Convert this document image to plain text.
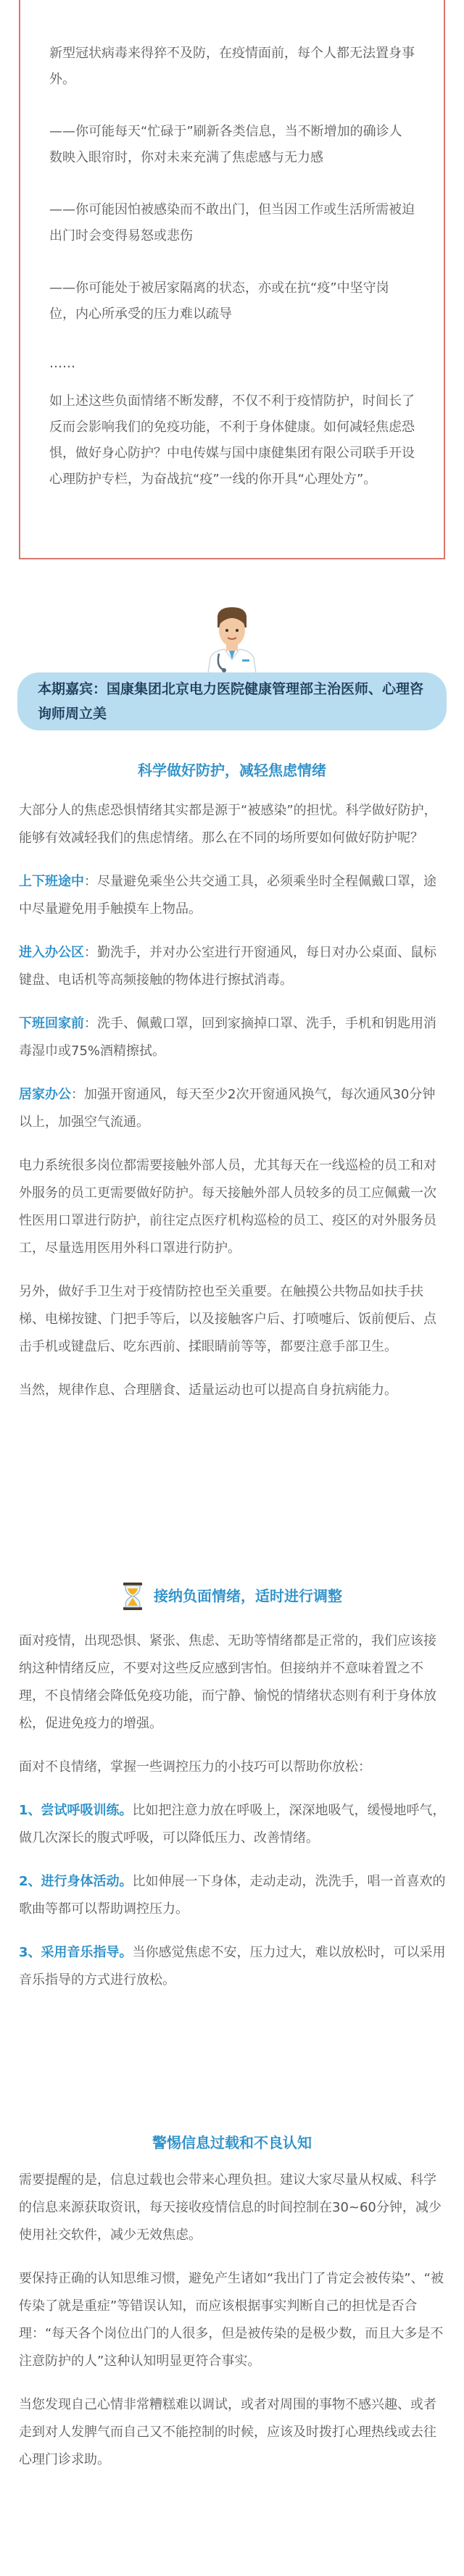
新型冠状病毒来得猝不及防，在疫情面前，每个人都无法置身事外。

——你可能每天“忙碌于”刷新各类信息，当不断增加的确诊人数映入眼帘时，你对未来充满了焦虑感与无力感

——你可能因怕被感染而不敢出门，但当因工作或生活所需被迫出门时会变得易怒或悲伤

——你可能处于被居家隔离的状态，亦或在抗“疫”中坚守岗位，内心所承受的压力难以疏导

……

如上述这些负面情绪不断发酵，不仅不利于疫情防护，时间长了反而会影响我们的免疫功能，不利于身体健康。如何减轻焦虑恐惧，做好身心防护？中电传媒与国中康健集团有限公司联手开设心理防护专栏，为奋战抗“疫”一线的你开具“心理处方”。

本期嘉宾：国康集团北京电力医院健康管理部主治医师、心理咨询师周立美
科学做好防护，减轻焦虑情绪

大部分人的焦虑恐惧情绪其实都是源于“被感染”的担忧。科学做好防护，能够有效减轻我们的焦虑情绪。那么在不同的场所要如何做好防护呢？

上下班途中：尽量避免乘坐公共交通工具，必须乘坐时全程佩戴口罩，途中尽量避免用手触摸车上物品。

进入办公区：勤洗手，并对办公室进行开窗通风，每日对办公桌面、鼠标键盘、电话机等高频接触的物体进行擦拭消毒。

下班回家前：洗手、佩戴口罩，回到家摘掉口罩、洗手，手机和钥匙用消毒湿巾或75%酒精擦拭。

居家办公：加强开窗通风，每天至少2次开窗通风换气，每次通风30分钟以上，加强空气流通。

电力系统很多岗位都需要接触外部人员，尤其每天在一线巡检的员工和对外服务的员工更需要做好防护。每天接触外部人员较多的员工应佩戴一次性医用口罩进行防护，前往定点医疗机构巡检的员工、疫区的对外服务员工，尽量选用医用外科口罩进行防护。

另外，做好手卫生对于疫情防控也至关重要。在触摸公共物品如扶手扶梯、电梯按键、门把手等后，以及接触客户后、打喷嚏后、饭前便后、点击手机或键盘后、吃东西前、揉眼睛前等等，都要注意手部卫生。

当然，规律作息、合理膳食、适量运动也可以提高自身抗病能力。

接纳负面情绪，适时进行调整

面对疫情，出现恐惧、紧张、焦虑、无助等情绪都是正常的，我们应该接纳这种情绪反应，不要对这些反应感到害怕。但接纳并不意味着置之不理，不良情绪会降低免疫功能，而宁静、愉悦的情绪状态则有利于身体放松，促进免疫力的增强。

面对不良情绪，掌握一些调控压力的小技巧可以帮助你放松：

1、尝试呼吸训练。比如把注意力放在呼吸上，深深地吸气，缓慢地呼气，做几次深长的腹式呼吸，可以降低压力、改善情绪。

2、进行身体活动。比如伸展一下身体，走动走动，洗洗手，唱一首喜欢的歌曲等都可以帮助调控压力。

3、采用音乐指导。当你感觉焦虑不安，压力过大，难以放松时，可以采用音乐指导的方式进行放松。

警惕信息过载和不良认知

需要提醒的是，信息过载也会带来心理负担。建议大家尽量从权威、科学的信息来源获取资讯，每天接收疫情信息的时间控制在30~60分钟，减少使用社交软件，减少无效焦虑。

要保持正确的认知思维习惯，避免产生诸如“我出门了肯定会被传染”、“被传染了就是重症”等错误认知，而应该根据事实判断自己的担忧是否合理：“每天各个岗位出门的人很多，但是被传染的是极少数，而且大多是不注意防护的人”这种认知明显更符合事实。

当您发现自己心情非常糟糕难以调试，或者对周围的事物不感兴趣、或者走到对人发脾气而自己又不能控制的时候，应该及时拨打心理热线或去往心理门诊求助。
